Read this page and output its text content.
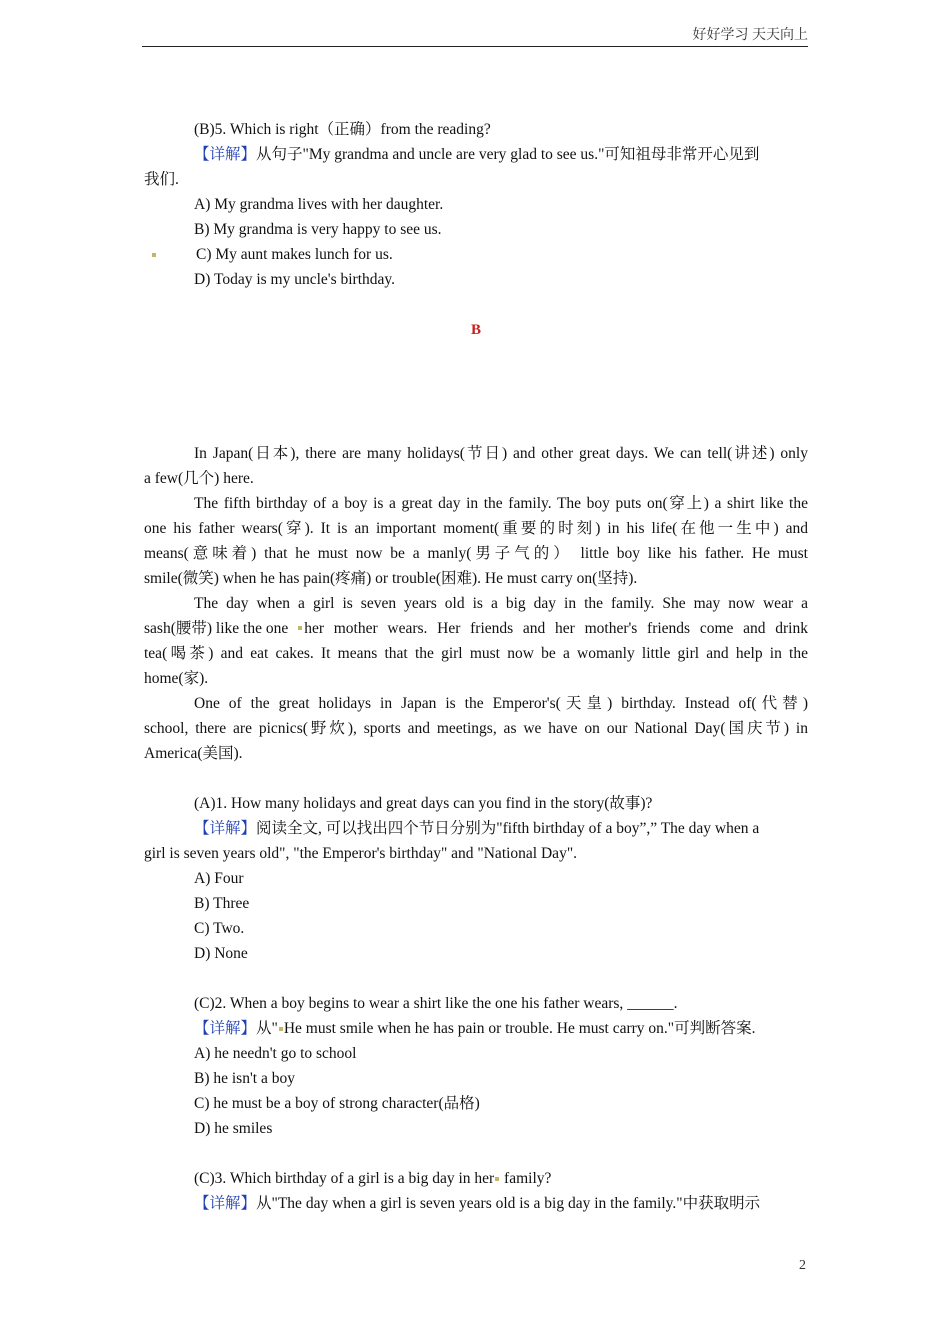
好好学习 天天向上
(B)5. Which is right（正确）from the reading?
【详解】从句子"My grandma and uncle are very glad to see us."可知祖母非常开心见到
我们.
A) My grandma lives with her daughter.
B) My grandma is very happy to see us.
C) My aunt makes lunch for us.
D) Today is my uncle's birthday.
B
In Japan(日本), there are many holidays(节日) and other great days. We can tell(讲述) only
a few(几个) here.
The fifth birthday of a boy is a great day in the family. The boy puts on(穿上) a shirt like the
one his father wears(穿). It is an important moment(重要的时刻) in his life(在他一生中) and
means(意味着) that he must now be a manly(男子气的） little boy like his father. He must
smile(微笑) when he has pain(疼痛) or trouble(困难). He must carry on(坚持).
The day when a girl is seven years old is a big day in the family. She may now wear a
sash(腰带) like the one her mother wears. Her friends and her mother's friends come and drink
tea(喝茶) and eat cakes. It means that the girl must now be a womanly little girl and help in the
home(家).
One of the great holidays in Japan is the Emperor's(天皇) birthday. Instead of(代替)
school, there are picnics(野炊), sports and meetings, as we have on our National Day(国庆节) in
America(美国).
(A)1. How many holidays and great days can you find in the story(故事)?
【详解】阅读全文, 可以找出四个节日分别为"fifth birthday of a boy”,” The day when a
girl is seven years old", "the Emperor's birthday" and "National Day".
A) Four
B) Three
C) Two.
D) None
(C)2. When a boy begins to wear a shirt like the one his father wears, ______.
【详解】从" He must smile when he has pain or trouble. He must carry on."可判断答案.
A) he needn't go to school
B) he isn't a boy
C) he must be a boy of strong character(品格)
D) he smiles
(C)3. Which birthday of a girl is a big day in her family?
【详解】从"The day when a girl is seven years old is a big day in the family."中获取明示
2
